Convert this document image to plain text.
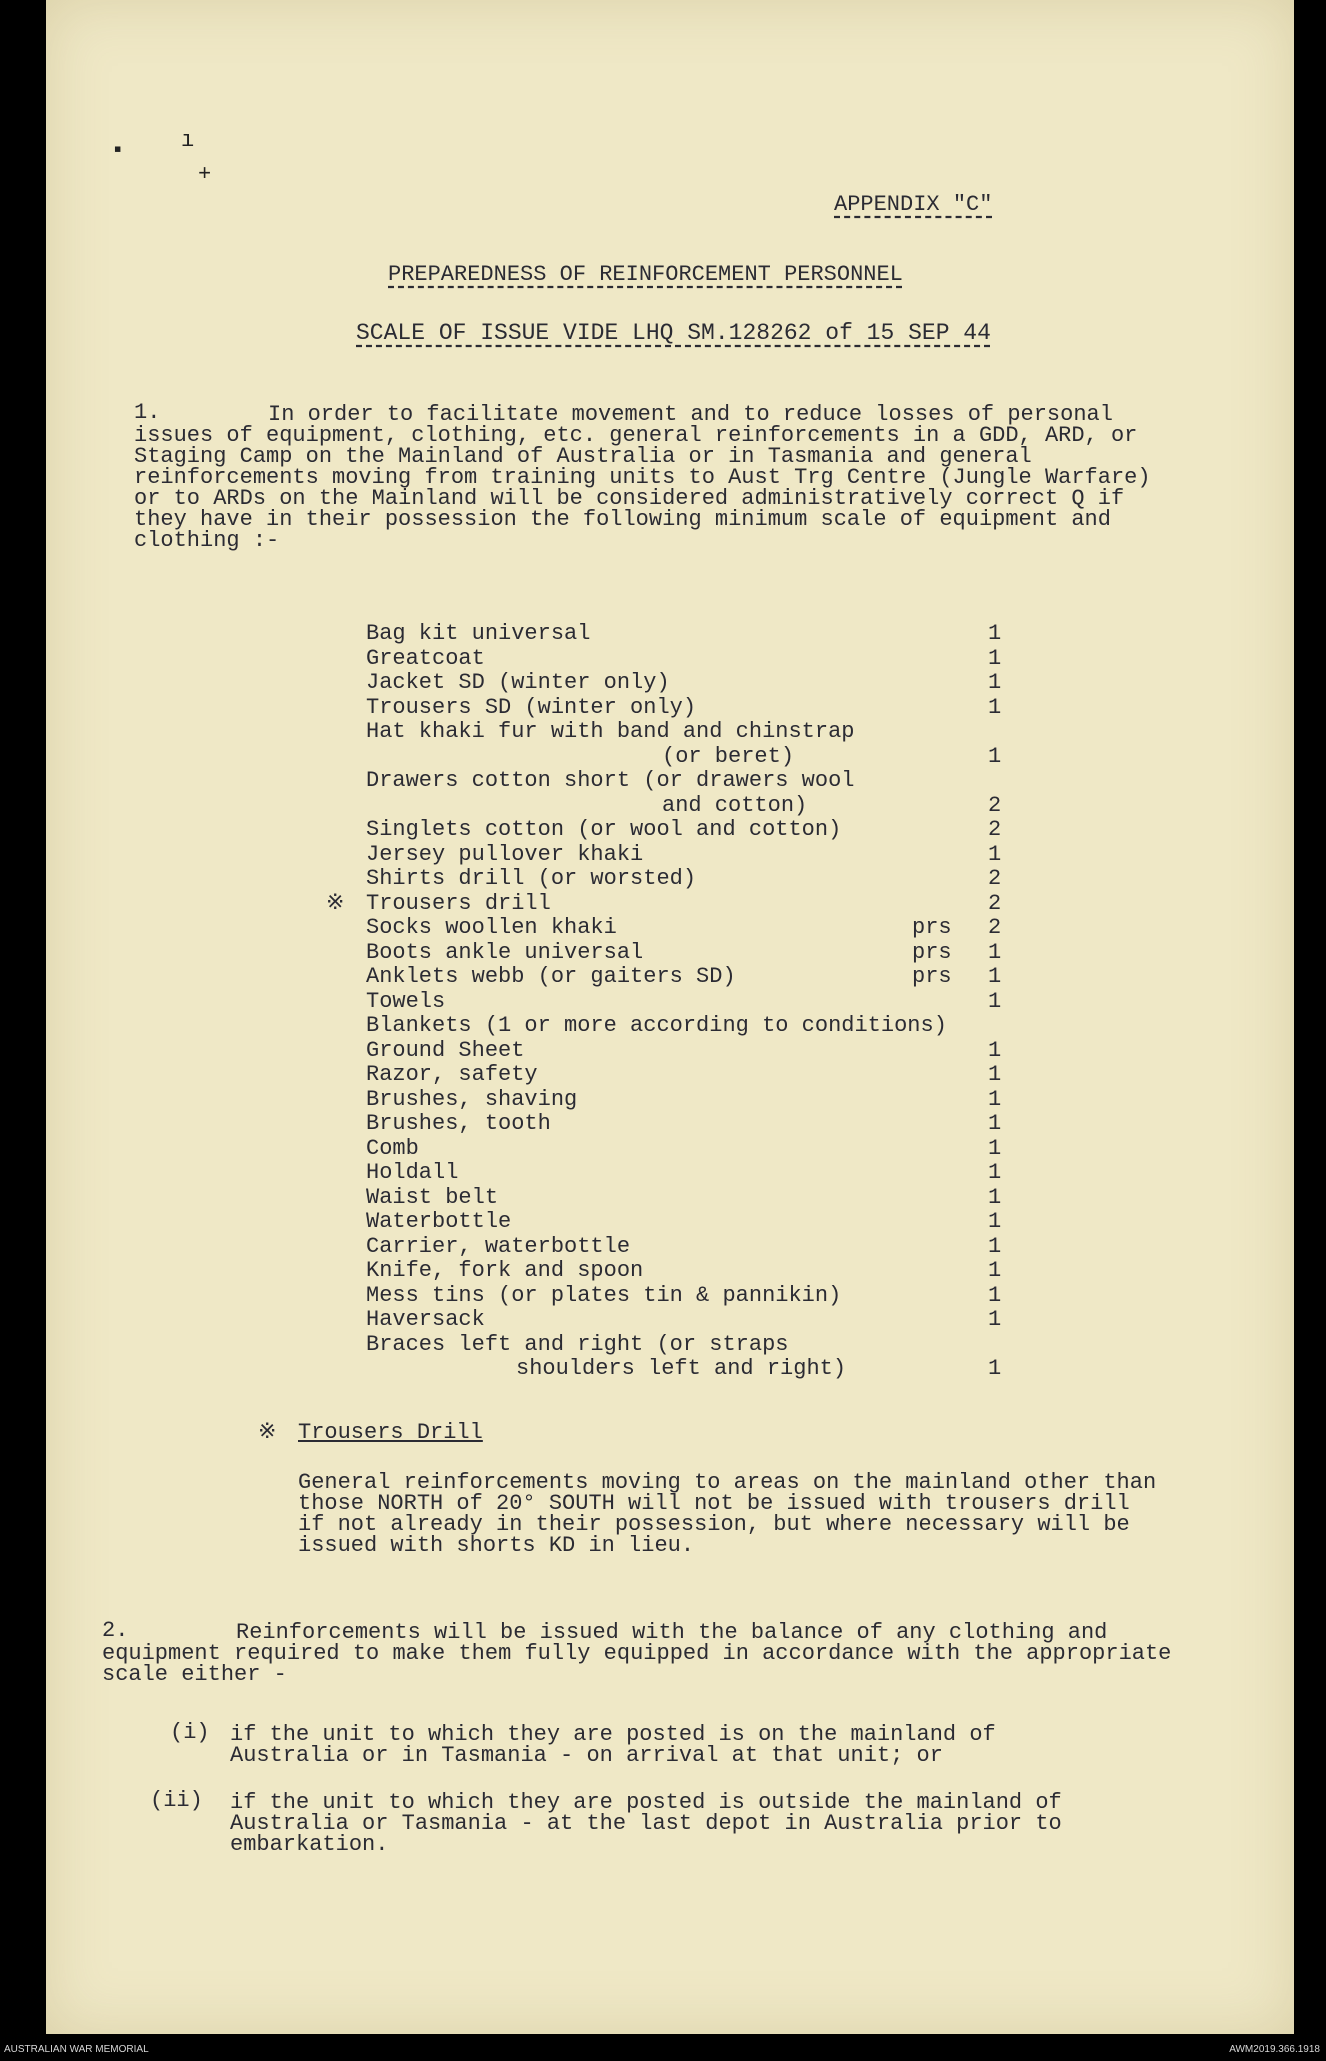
▪	ı
+
APPENDIX "C"
PREPAREDNESS OF REINFORCEMENT PERSONNEL
SCALE OF ISSUE VIDE LHQ SM.128262 of 15 SEP 44
1.	In order to facilitate movement and to reduce losses of personal issues of equipment, clothing, etc. general reinforcements in a GDD, ARD, or Staging Camp on the Mainland of Australia or in Tasmania and general reinforcements moving from training units to Aust Trg Centre (Jungle Warfare) or to ARDs on the Mainland will be considered administratively correct Q if they have in their possession the following minimum scale of equipment and clothing :-
Bag kit universal	1
Greatcoat	1
Jacket SD (winter only)	1
Trousers SD (winter only)	1
Hat khaki fur with band and chinstrap
(or beret)	1
Drawers cotton short (or drawers wool
and cotton)	2
Singlets cotton (or wool and cotton)	2
Jersey pullover khaki	1
Shirts drill (or worsted)	2
※ Trousers drill	2
Socks woollen khaki	prs 2
Boots ankle universal	prs 1
Anklets webb (or gaiters SD)	prs 1
Towels	1
Blankets (1 or more according to conditions)
Ground Sheet	1
Razor, safety	1
Brushes, shaving	1
Brushes, tooth	1
Comb	1
Holdall	1
Waist belt	1
Waterbottle	1
Carrier, waterbottle	1
Knife, fork and spoon	1
Mess tins (or plates tin & pannikin)	1
Haversack	1
Braces left and right (or straps
shoulders left and right)	1
※ Trousers Drill
General reinforcements moving to areas on the mainland other than those NORTH of 20° SOUTH will not be issued with trousers drill if not already in their possession, but where necessary will be issued with shorts KD in lieu.
2.	Reinforcements will be issued with the balance of any clothing and equipment required to make them fully equipped in accordance with the appropriate scale either -
(i) if the unit to which they are posted is on the mainland of Australia or in Tasmania - on arrival at that unit; or
(ii) if the unit to which they are posted is outside the mainland of Australia or Tasmania - at the last depot in Australia prior to embarkation.
AUSTRALIAN WAR MEMORIAL	AWM2019.366.1918
